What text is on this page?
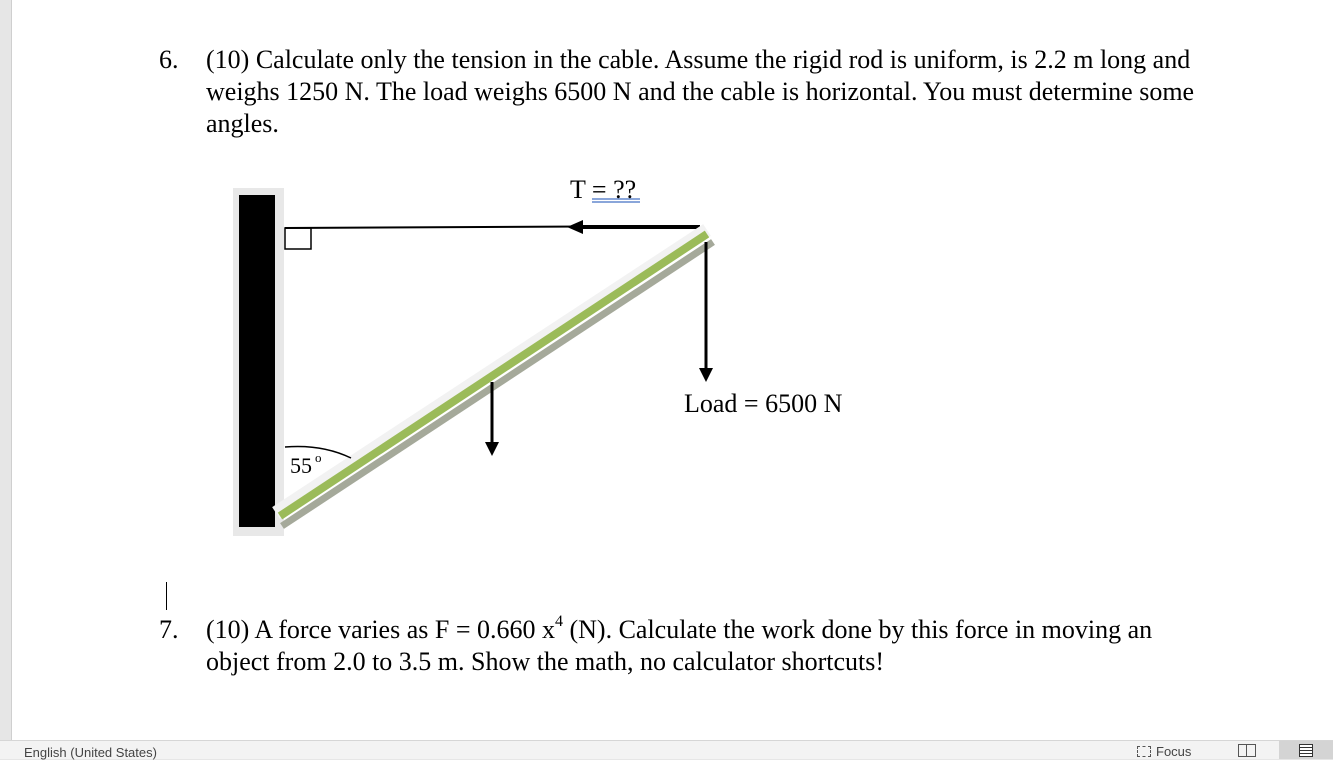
6. (10) Calculate only the tension in the cable. Assume the rigid rod is uniform, is 2.2 m long and weighs 1250 N. The load weighs 6500 N and the cable is horizontal. You must determine some angles.
T = ??
Load = 6500 N
55 o
7. (10) A force varies as F = 0.660 $x^4$ (N). Calculate the work done by this force in moving an object from 2.0 to 3.5 m. Show the math, no calculator shortcuts!
English (United States)	Focus
